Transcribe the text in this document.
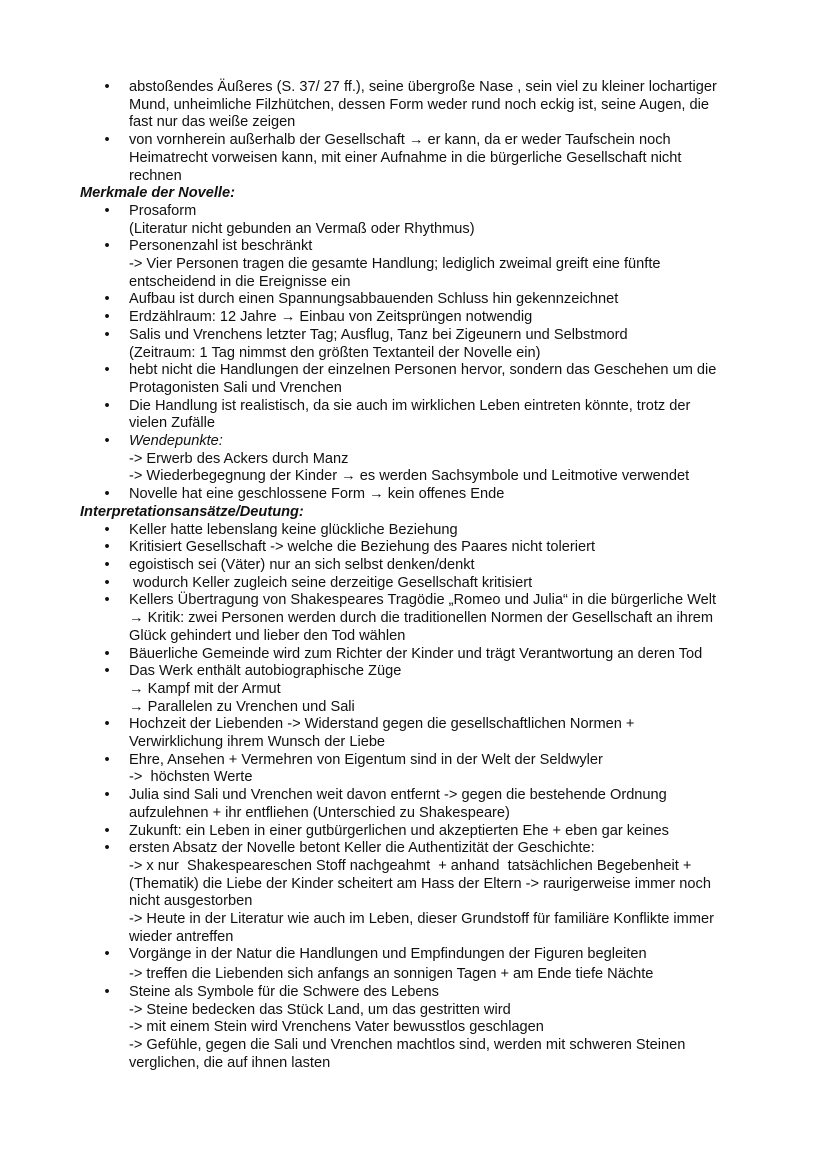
• abstoßendes Äußeres (S. 37/ 27 ff.), seine übergroße Nase , sein viel zu kleiner lochartiger
Mund, unheimliche Filzhütchen, dessen Form weder rund noch eckig ist, seine Augen, die
fast nur das weiße zeigen
• von vornherein außerhalb der Gesellschaft → er kann, da er weder Taufschein noch
Heimatrecht vorweisen kann, mit einer Aufnahme in die bürgerliche Gesellschaft nicht
rechnen
Merkmale der Novelle:
• Prosaform
(Literatur nicht gebunden an Vermaß oder Rhythmus)
• Personenzahl ist beschränkt
-> Vier Personen tragen die gesamte Handlung; lediglich zweimal greift eine fünfte
entscheidend in die Ereignisse ein
• Aufbau ist durch einen Spannungsabbauenden Schluss hin gekennzeichnet
• Erdzählraum: 12 Jahre → Einbau von Zeitsprüngen notwendig
• Salis und Vrenchens letzter Tag; Ausflug, Tanz bei Zigeunern und Selbstmord
(Zeitraum: 1 Tag nimmst den größten Textanteil der Novelle ein)
• hebt nicht die Handlungen der einzelnen Personen hervor, sondern das Geschehen um die
Protagonisten Sali und Vrenchen
• Die Handlung ist realistisch, da sie auch im wirklichen Leben eintreten könnte, trotz der
vielen Zufälle
• Wendepunkte:
-> Erwerb des Ackers durch Manz
-> Wiederbegegnung der Kinder → es werden Sachsymbole und Leitmotive verwendet
• Novelle hat eine geschlossene Form → kein offenes Ende
Interpretationsansätze/Deutung:
• Keller hatte lebenslang keine glückliche Beziehung
• Kritisiert Gesellschaft -> welche die Beziehung des Paares nicht toleriert
• egoistisch sei (Väter) nur an sich selbst denken/denkt
• wodurch Keller zugleich seine derzeitige Gesellschaft kritisiert
• Kellers Übertragung von Shakespeares Tragödie „Romeo und Julia“ in die bürgerliche Welt
→ Kritik: zwei Personen werden durch die traditionellen Normen der Gesellschaft an ihrem
Glück gehindert und lieber den Tod wählen
• Bäuerliche Gemeinde wird zum Richter der Kinder und trägt Verantwortung an deren Tod
• Das Werk enthält autobiographische Züge
→ Kampf mit der Armut
→ Parallelen zu Vrenchen und Sali
• Hochzeit der Liebenden -> Widerstand gegen die gesellschaftlichen Normen +
Verwirklichung ihrem Wunsch der Liebe
• Ehre, Ansehen + Vermehren von Eigentum sind in der Welt der Seldwyler
->  höchsten Werte
• Julia sind Sali und Vrenchen weit davon entfernt -> gegen die bestehende Ordnung
aufzulehnen + ihr entfliehen (Unterschied zu Shakespeare)
• Zukunft: ein Leben in einer gutbürgerlichen und akzeptierten Ehe + eben gar keines
• ersten Absatz der Novelle betont Keller die Authentizität der Geschichte:
-> x nur  Shakespeareschen Stoff nachgeahmt  + anhand  tatsächlichen Begebenheit +
(Thematik) die Liebe der Kinder scheitert am Hass der Eltern -> raurigerweise immer noch
nicht ausgestorben
-> Heute in der Literatur wie auch im Leben, dieser Grundstoff für familiäre Konflikte immer
wieder antreffen
• Vorgänge in der Natur die Handlungen und Empfindungen der Figuren begleiten
-> treffen die Liebenden sich anfangs an sonnigen Tagen + am Ende tiefe Nächte
• Steine als Symbole für die Schwere des Lebens
-> Steine bedecken das Stück Land, um das gestritten wird
-> mit einem Stein wird Vrenchens Vater bewusstlos geschlagen
-> Gefühle, gegen die Sali und Vrenchen machtlos sind, werden mit schweren Steinen
verglichen, die auf ihnen lasten
